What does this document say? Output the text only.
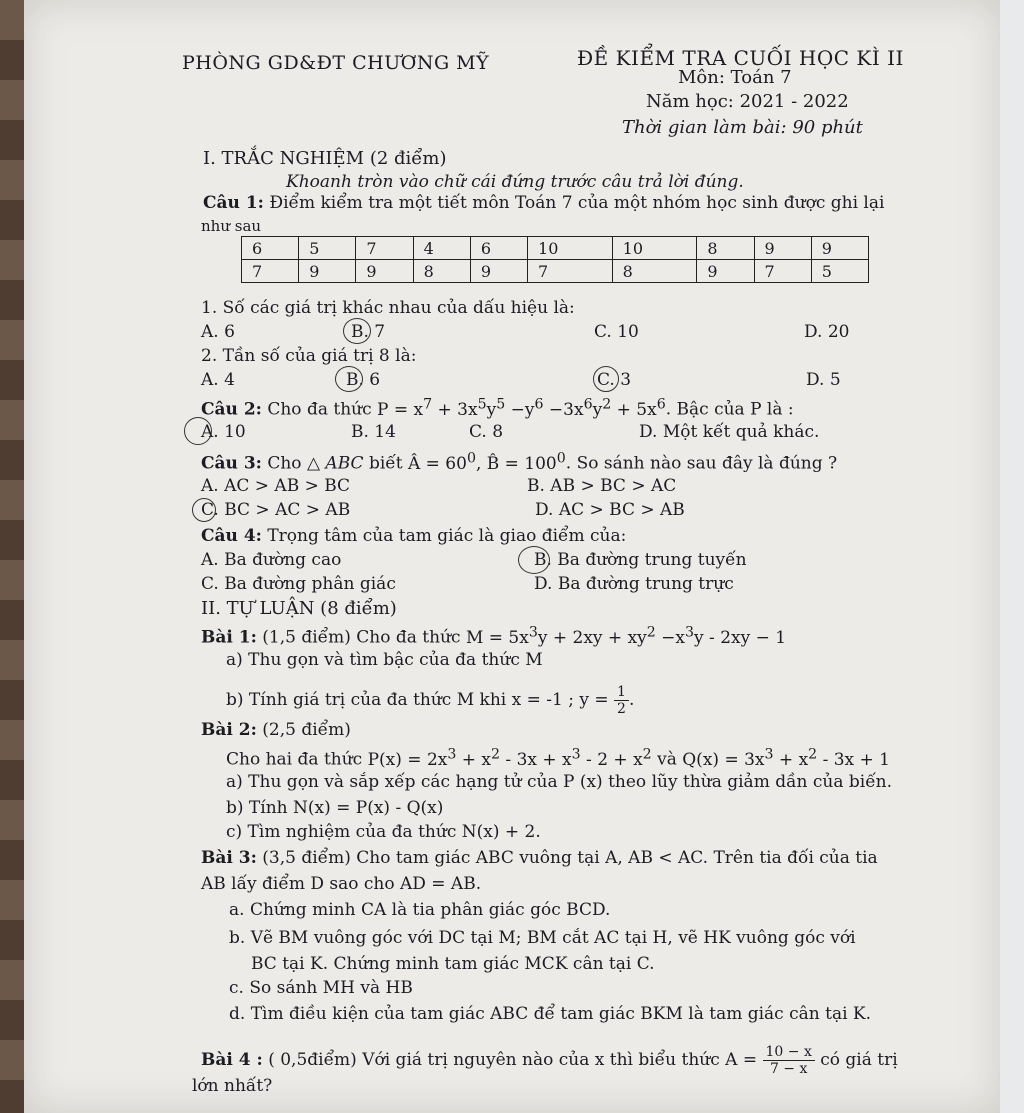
PHÒNG GD&ĐT CHƯƠNG MỸ	ĐỀ KIỂM TRA CUỐI HỌC KÌ II
Môn: Toán 7
Năm học: 2021 - 2022
Thời gian làm bài: 90 phút
I. TRẮC NGHIỆM (2 điểm)
Khoanh tròn vào chữ cái đứng trước câu trả lời đúng.
Câu 1: Điểm kiểm tra một tiết môn Toán 7 của một nhóm học sinh được ghi lại
như sau
6	5	7	4	6	10	10	8	9	9
7	9	9	8	9	7	8	9	7	5
1. Số các giá trị khác nhau của dấu hiệu là:
A. 6	B. 7	C. 10	D. 20
2. Tần số của giá trị 8 là:
A. 4	B. 6	C. 3	D. 5
Câu 2: Cho đa thức $P = x^7 + 3x^5y^5 -y^6 -3x^6y^2 + 5x^6$. Bậc của P là :
A. 10	B. 14	C. 8	D. Một kết quả khác.
Câu 3: Cho △ ABC biết Â = $60^0$, B̂ = $100^0$. So sánh nào sau đây là đúng ?
A. AC > AB > BC	B. AB > BC > AC
C. BC > AC > AB	D. AC > BC > AB
Câu 4: Trọng tâm của tam giác là giao điểm của:
A. Ba đường cao	B. Ba đường trung tuyến
C. Ba đường phân giác	D. Ba đường trung trực
II. TỰ LUẬN (8 điểm)
Bài 1: (1,5 điểm) Cho đa thức $M = 5x^3y + 2xy + xy^2 -x^3y - 2xy - 1$
a) Thu gọn và tìm bậc của đa thức M
b) Tính giá trị của đa thức M khi x = -1 ; $y = \frac{1}{2}$ .
Bài 2: (2,5 điểm)
Cho hai đa thức $P(x) = 2x^3 + x^2 - 3x + x^3 - 2 + x^2$ và $Q(x) = 3x^3 + x^2 - 3x + 1$
a) Thu gọn và sắp xếp các hạng tử của P (x) theo lũy thừa giảm dần của biến.
b) Tính N(x) = P(x) - Q(x)
c) Tìm nghiệm của đa thức N(x) + 2.
Bài 3: (3,5 điểm) Cho tam giác ABC vuông tại A, AB < AC. Trên tia đối của tia
AB lấy điểm D sao cho AD = AB.
a. Chứng minh CA là tia phân giác góc BCD.
b. Vẽ BM vuông góc với DC tại M; BM cắt AC tại H, vẽ HK vuông góc với
BC tại K. Chứng minh tam giác MCK cân tại C.
c. So sánh MH và HB
d. Tìm điều kiện của tam giác ABC để tam giác BKM là tam giác cân tại K.
Bài 4 : ( 0,5điểm) Với giá trị nguyên nào của x thì biểu thức $A = \frac{10 - x}{7 - x}$ có giá trị
lớn nhất?
